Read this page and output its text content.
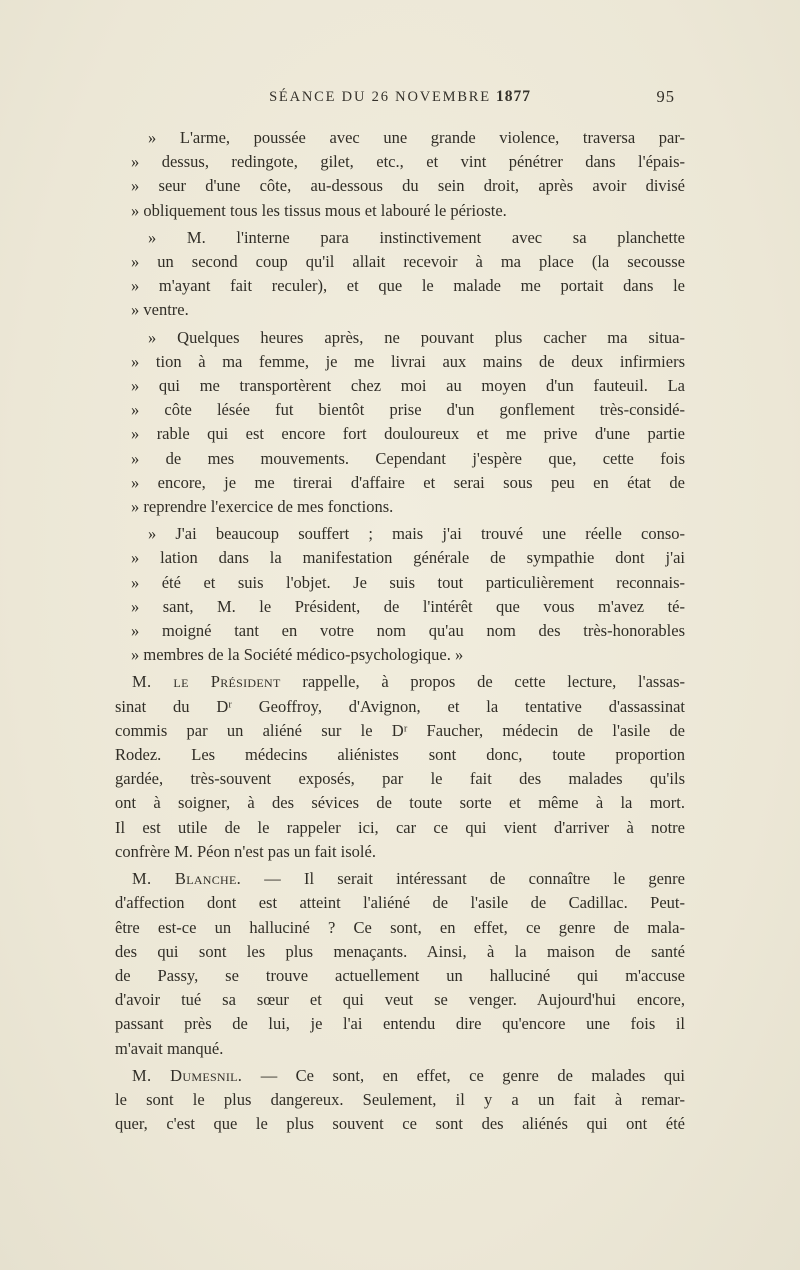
SÉANCE DU 26 NOVEMBRE 1877	95
» L'arme, poussée avec une grande violence, traversa par-
» dessus, redingote, gilet, etc., et vint pénétrer dans l'épais-
» seur d'une côte, au-dessous du sein droit, après avoir divisé
» obliquement tous les tissus mous et labouré le périoste.
» M. l'interne para instinctivement avec sa planchette
» un second coup qu'il allait recevoir à ma place (la secousse
» m'ayant fait reculer), et que le malade me portait dans le
» ventre.
» Quelques heures après, ne pouvant plus cacher ma situa-
» tion à ma femme, je me livrai aux mains de deux infirmiers
» qui me transportèrent chez moi au moyen d'un fauteuil. La
» côte lésée fut bientôt prise d'un gonflement très-considé-
» rable qui est encore fort douloureux et me prive d'une partie
» de mes mouvements. Cependant j'espère que, cette fois
» encore, je me tirerai d'affaire et serai sous peu en état de
» reprendre l'exercice de mes fonctions.
» J'ai beaucoup souffert ; mais j'ai trouvé une réelle conso-
» lation dans la manifestation générale de sympathie dont j'ai
» été et suis l'objet. Je suis tout particulièrement reconnais-
» sant, M. le Président, de l'intérêt que vous m'avez té-
» moigné tant en votre nom qu'au nom des très-honorables
» membres de la Société médico-psychologique. »
M. le Président rappelle, à propos de cette lecture, l'assas-
sinat du Dʳ Geoffroy, d'Avignon, et la tentative d'assassinat
commis par un aliéné sur le Dʳ Faucher, médecin de l'asile de
Rodez. Les médecins aliénistes sont donc, toute proportion
gardée, très-souvent exposés, par le fait des malades qu'ils
ont à soigner, à des sévices de toute sorte et même à la mort.
Il est utile de le rappeler ici, car ce qui vient d'arriver à notre
confrère M. Péon n'est pas un fait isolé.
M. Blanche. — Il serait intéressant de connaître le genre
d'affection dont est atteint l'aliéné de l'asile de Cadillac. Peut-
être est-ce un halluciné ? Ce sont, en effet, ce genre de mala-
des qui sont les plus menaçants. Ainsi, à la maison de santé
de Passy, se trouve actuellement un halluciné qui m'accuse
d'avoir tué sa sœur et qui veut se venger. Aujourd'hui encore,
passant près de lui, je l'ai entendu dire qu'encore une fois il
m'avait manqué.
M. Dumesnil. — Ce sont, en effet, ce genre de malades qui
le sont le plus dangereux. Seulement, il y a un fait à remar-
quer, c'est que le plus souvent ce sont des aliénés qui ont été
